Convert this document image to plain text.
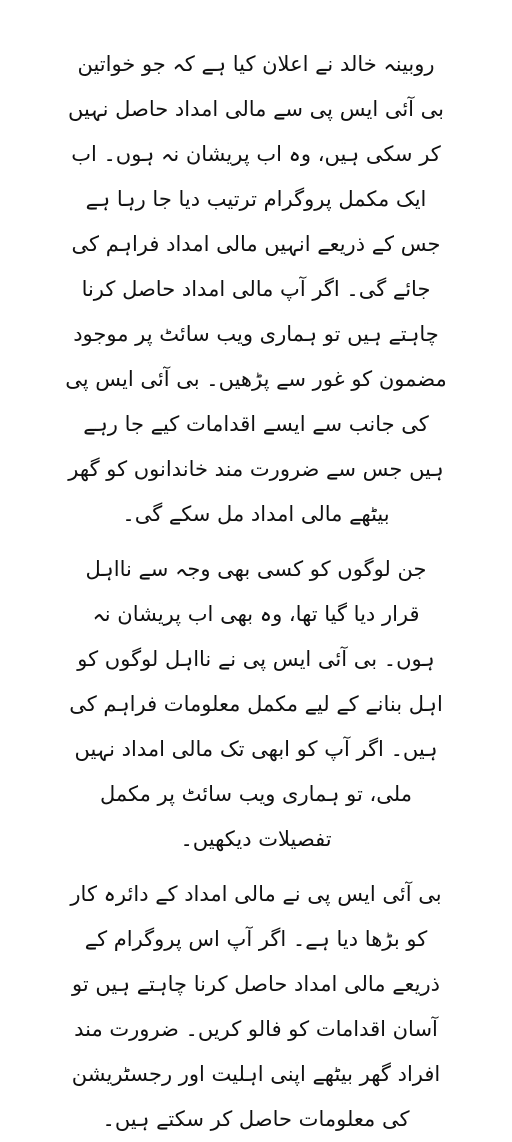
روبینہ خالد نے اعلان کیا ہے کہ جو خواتین بی آئی ایس پی سے مالی امداد حاصل نہیں کر سکی ہیں، وہ اب پریشان نہ ہوں۔ اب ایک مکمل پروگرام ترتیب دیا جا رہا ہے جس کے ذریعے انہیں مالی امداد فراہم کی جائے گی۔ اگر آپ مالی امداد حاصل کرنا چاہتے ہیں تو ہماری ویب سائٹ پر موجود مضمون کو غور سے پڑھیں۔ بی آئی ایس پی کی جانب سے ایسے اقدامات کیے جا رہے ہیں جس سے ضرورت مند خاندانوں کو گھر بیٹھے مالی امداد مل سکے گی۔

جن لوگوں کو کسی بھی وجہ سے نااہل قرار دیا گیا تھا، وہ بھی اب پریشان نہ ہوں۔ بی آئی ایس پی نے نااہل لوگوں کو اہل بنانے کے لیے مکمل معلومات فراہم کی ہیں۔ اگر آپ کو ابھی تک مالی امداد نہیں ملی، تو ہماری ویب سائٹ پر مکمل تفصیلات دیکھیں۔

بی آئی ایس پی نے مالی امداد کے دائرہ کار کو بڑھا دیا ہے۔ اگر آپ اس پروگرام کے ذریعے مالی امداد حاصل کرنا چاہتے ہیں تو آسان اقدامات کو فالو کریں۔ ضرورت مند افراد گھر بیٹھے اپنی اہلیت اور رجسٹریشن کی معلومات حاصل کر سکتے ہیں۔
